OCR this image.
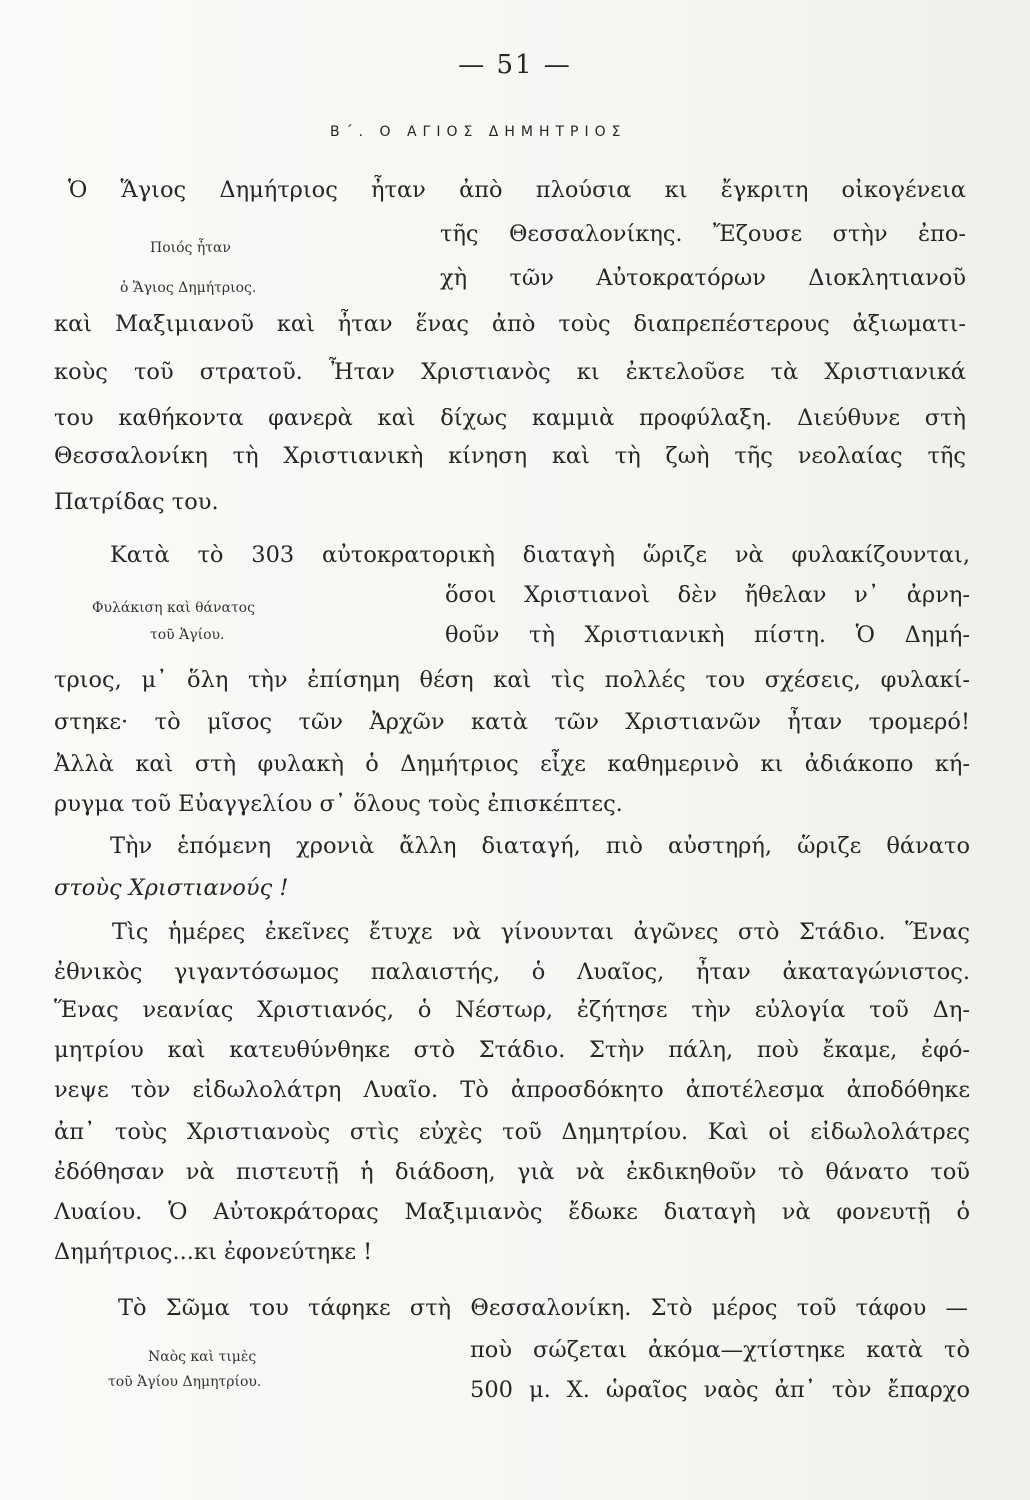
— 51 —
Β΄. Ο ΑΓΙΟΣ ΔΗΜΗΤΡΙΟΣ
Ποιός ἦταν
ὁ Ἅγιος Δημήτριος.
Ὁ Ἅγιος Δημήτριος ἦταν ἀπὸ πλούσια κι ἔγκριτη οἰκογένεια
τῆς Θεσσαλονίκης. Ἔζουσε στὴν ἐπο-
χὴ τῶν Αὐτοκρατόρων Διοκλητιανοῦ
καὶ Μαξιμιανοῦ καὶ ἦταν ἕνας ἀπὸ τοὺς διαπρεπέστερους ἀξιωματι-
κοὺς τοῦ στρατοῦ. Ἦταν Χριστιανὸς κι ἐκτελοῦσε τὰ Χριστιανικά
του καθήκοντα φανερὰ καὶ δίχως καμμιὰ προφύλαξη. Διεύθυνε στὴ
Θεσσαλονίκη τὴ Χριστιανικὴ κίνηση καὶ τὴ ζωὴ τῆς νεολαίας τῆς
Πατρίδας του.
Φυλάκιση καὶ θάνατος
τοῦ Ἁγίου.
Κατὰ τὸ 303 αὐτοκρατορικὴ διαταγὴ ὥριζε νὰ φυλακίζουνται,
ὅσοι Χριστιανοὶ δὲν ἤθελαν ν᾽ ἀρνη-
θοῦν τὴ Χριστιανικὴ πίστη. Ὁ Δημή-
τριος, μ᾽ ὅλη τὴν ἐπίσημη θέση καὶ τὶς πολλές του σχέσεις, φυλακί-
στηκε· τὸ μῖσος τῶν Ἀρχῶν κατὰ τῶν Χριστιανῶν ἦταν τρομερό!
Ἀλλὰ καὶ στὴ φυλακὴ ὁ Δημήτριος εἶχε καθημερινὸ κι ἀδιάκοπο κή-
ρυγμα τοῦ Εὐαγγελίου σ᾽ ὅλους τοὺς ἐπισκέπτες.
Τὴν ἑπόμενη χρονιὰ ἄλλη διαταγή, πιὸ αὐστηρή, ὥριζε θάνατο
στοὺς Χριστιανούς !
Τὶς ἡμέρες ἐκεῖνες ἔτυχε νὰ γίνουνται ἀγῶνες στὸ Στάδιο. Ἕνας
ἐθνικὸς γιγαντόσωμος παλαιστής, ὁ Λυαῖος, ἦταν ἀκαταγώνιστος.
Ἕνας νεανίας Χριστιανός, ὁ Νέστωρ, ἐζήτησε τὴν εὐλογία τοῦ Δη-
μητρίου καὶ κατευθύνθηκε στὸ Στάδιο. Στὴν πάλη, ποὺ ἔκαμε, ἐφό-
νεψε τὸν εἰδωλολάτρη Λυαῖο. Τὸ ἀπροσδόκητο ἀποτέλεσμα ἀποδόθηκε
ἀπ᾽ τοὺς Χριστιανοὺς στὶς εὐχὲς τοῦ Δημητρίου. Καὶ οἱ εἰδωλολάτρες
ἐδόθησαν νὰ πιστευτῇ ἡ διάδοση, γιὰ νὰ ἐκδικηθοῦν τὸ θάνατο τοῦ
Λυαίου. Ὁ Αὐτοκράτορας Μαξιμιανὸς ἔδωκε διαταγὴ νὰ φονευτῇ ὁ
Δημήτριος...κι ἐφονεύτηκε !
Ναὸς καὶ τιμὲς
τοῦ Ἁγίου Δημητρίου.
Τὸ Σῶμα του τάφηκε στὴ Θεσσαλονίκη. Στὸ μέρος τοῦ τάφου —
ποὺ σώζεται ἀκόμα—χτίστηκε κατὰ τὸ
500 μ. Χ. ὡραῖος ναὸς ἀπ᾽ τὸν ἔπαρχο
